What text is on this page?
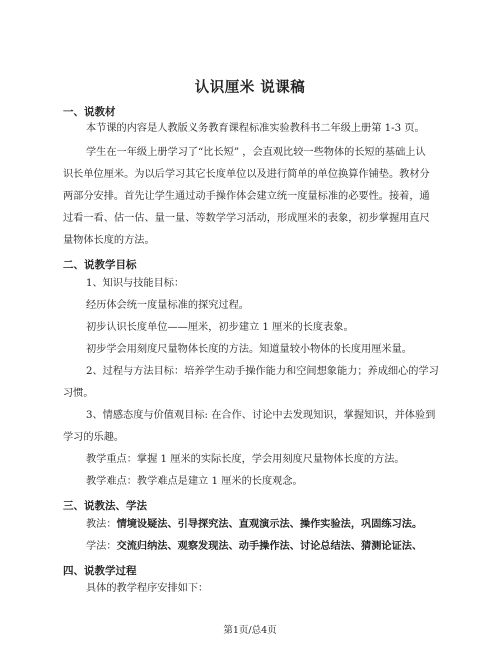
认识厘米 说课稿
一、说教材
本节课的内容是人教版义务教育课程标准实验教科书二年级上册第 1-3 页。
学生在一年级上册学习了“比长短” ，会直观比较一些物体的长短的基础上认
识长单位厘米。为以后学习其它长度单位以及进行简单的单位换算作铺垫。教材分
两部分安排。首先让学生通过动手操作体会建立统一度量标准的必要性。接着，通
过看一看、估一估、量一量、等数学学习活动，形成厘米的表象，初步掌握用直尺
量物体长度的方法。
二、说教学目标
1、知识与技能目标：
经历体会统一度量标准的探究过程。
初步认识长度单位——厘米，初步建立 1 厘米的长度表象。
初步学会用刻度尺量物体长度的方法。知道量较小物体的长度用厘米量。
2、过程与方法目标：培养学生动手操作能力和空间想象能力；养成细心的学习
习惯。
3、情感态度与价值观目标: 在合作、讨论中去发现知识，掌握知识，并体验到
学习的乐趣。
教学重点：掌握 1 厘米的实际长度，学会用刻度尺量物体长度的方法。
教学难点：教学难点是建立 1 厘米的长度观念。
三、说教法、学法
教法：情境设疑法、引导探究法、直观演示法、操作实验法，巩固练习法。
学法：交流归纳法、观察发现法、动手操作法、讨论总结法、猜测论证法、
四、说教学过程
具体的教学程序安排如下：
第1页/总4页
